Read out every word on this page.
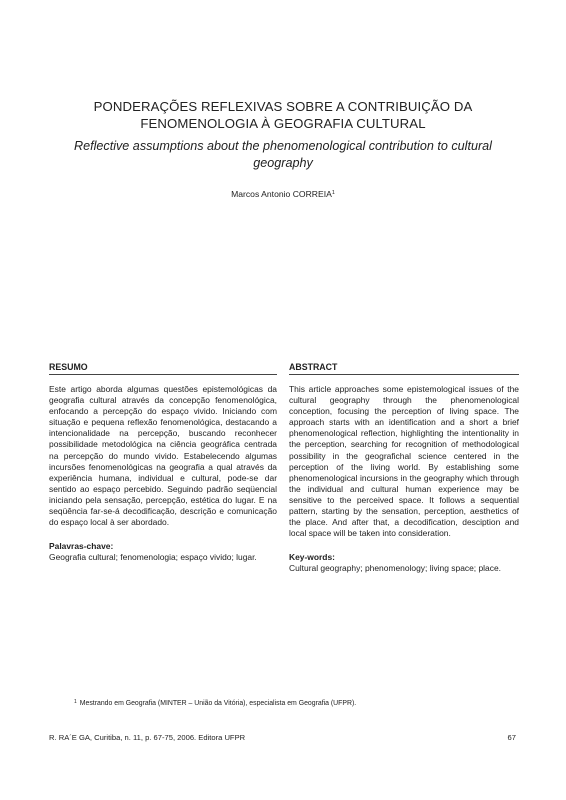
PONDERAÇÕES REFLEXIVAS SOBRE A CONTRIBUIÇÃO DA FENOMENOLOGIA À GEOGRAFIA CULTURAL
Reflective assumptions about the phenomenological contribution to cultural geography
Marcos Antonio CORREIA$^1$
RESUMO
Este artigo aborda algumas questões epistemológicas da geografia cultural através da concepção fenomenológica, enfocando a percepção do espaço vivido. Iniciando com situação e pequena reflexão fenomenológica, destacando a intencionalidade na percepção, buscando reconhecer possibilidade metodológica na ciência geográfica centrada na percepção do mundo vivido. Estabelecendo algumas incursões fenomenológicas na geografia a qual através da experiência humana, individual e cultural, pode-se dar sentido ao espaço percebido. Seguindo padrão seqüencial iniciando pela sensação, percepção, estética do lugar. E na seqüência far-se-á decodificação, descrição e comunicação do espaço local à ser abordado.
Palavras-chave:
Geografia cultural; fenomenologia; espaço vivido; lugar.
ABSTRACT
This article approaches some epistemological issues of the cultural geography through the phenomenological conception, focusing the perception of living space. The approach starts with an identification and a short a brief phenomenological reflection, highlighting the intentionality in the perception, searching for recognition of methodological possibility in the geografichal science centered in the perception of the living world. By establishing some phenomenological incursions in the geography which through the individual and cultural human experience may be sensitive to the perceived space. It follows a sequential pattern, starting by the sensation, perception, aesthetics of the place. And after that, a decodification, desciption and local space will be taken into consideration.
Key-words:
Cultural geography; phenomenology; living space; place.
$^1$ Mestrando em Geografia (MINTER – União da Vitória), especialista em Geografia (UFPR).
R. RA´E GA, Curitiba, n. 11, p. 67-75, 2006. Editora UFPR	67
